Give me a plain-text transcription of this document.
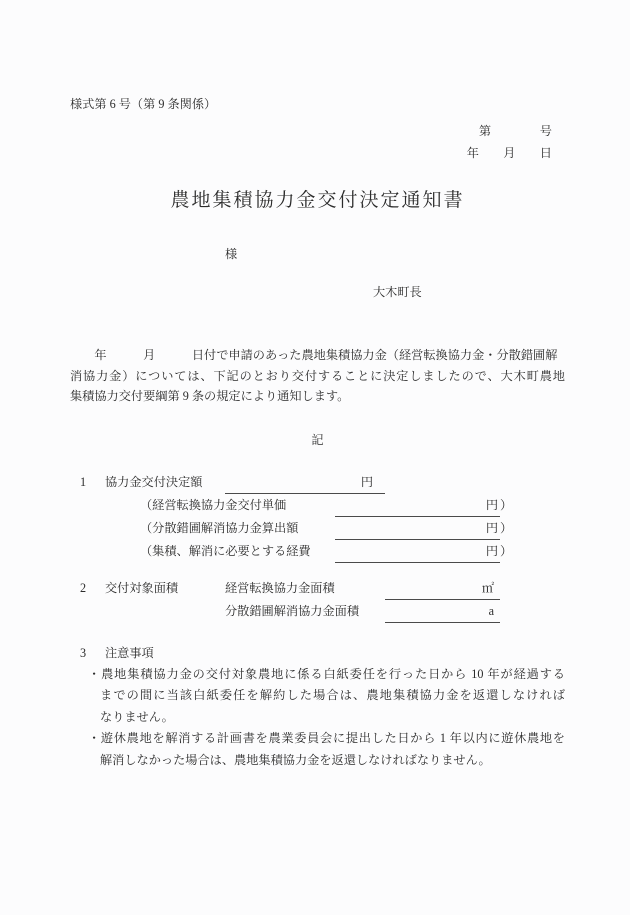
様式第 6 号（第 9 条関係）
第　　　　号
年　　月　　日
農地集積協力金交付決定通知書
様
大木町長
　　年　　　月　　　日付で申請のあった農地集積協力金（経営転換協力金・分散錯圃解
消協力金）については、下記のとおり交付することに決定しましたので、大木町農地
集積協力交付要綱第 9 条の規定により通知します。
記
1 協力金交付決定額	円
（経営転換協力金交付単価	円 ）
（分散錯圃解消協力金算出額	円 ）
（集積、解消に必要とする経費	円 ）
2 交付対象面積	経営転換協力金面積	㎡
分散錯圃解消協力金面積	a
3 注意事項
・農地集積協力金の交付対象農地に係る白紙委任を行った日から 10 年が経過する
までの間に当該白紙委任を解約した場合は、農地集積協力金を返還しなければ
なりません。
・遊休農地を解消する計画書を農業委員会に提出した日から 1 年以内に遊休農地を
解消しなかった場合は、農地集積協力金を返還しなければなりません。
